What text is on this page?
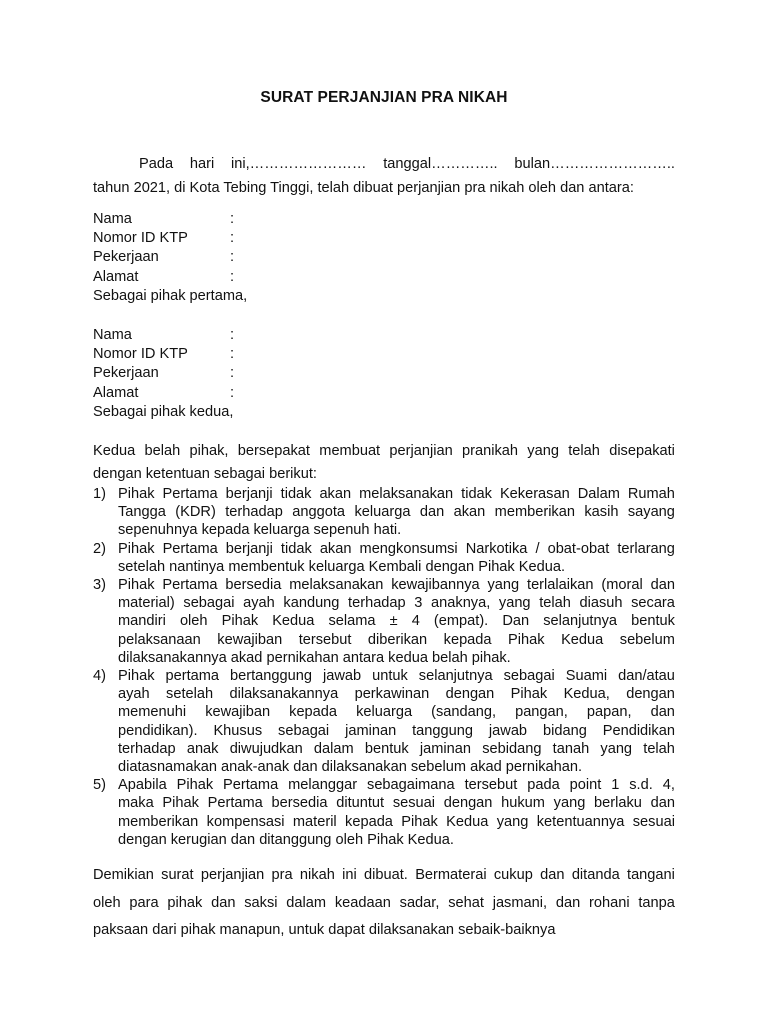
SURAT PERJANJIAN PRA NIKAH
Pada hari ini,…………………… tanggal………….. bulan……………………..
tahun 2021, di Kota Tebing Tinggi, telah dibuat perjanjian pra nikah oleh dan antara:
Nama	:
Nomor ID KTP	:
Pekerjaan	:
Alamat	:
Sebagai pihak pertama,
Nama	:
Nomor ID KTP	:
Pekerjaan	:
Alamat	:
Sebagai pihak kedua,
Kedua belah pihak, bersepakat membuat perjanjian pranikah yang telah disepakati
dengan ketentuan sebagai berikut:
1) Pihak Pertama berjanji tidak akan melaksanakan tidak Kekerasan Dalam Rumah
Tangga (KDR) terhadap anggota keluarga dan akan memberikan kasih sayang
sepenuhnya kepada keluarga sepenuh hati.
2) Pihak Pertama berjanji tidak akan mengkonsumsi Narkotika / obat-obat terlarang
setelah nantinya membentuk keluarga Kembali dengan Pihak Kedua.
3) Pihak Pertama bersedia melaksanakan kewajibannya yang terlalaikan (moral dan
material) sebagai ayah kandung terhadap 3 anaknya, yang telah diasuh secara
mandiri oleh Pihak Kedua selama ± 4 (empat). Dan selanjutnya bentuk
pelaksanaan kewajiban tersebut diberikan kepada Pihak Kedua sebelum
dilaksanakannya akad pernikahan antara kedua belah pihak.
4) Pihak pertama bertanggung jawab untuk selanjutnya sebagai Suami dan/atau
ayah setelah dilaksanakannya perkawinan dengan Pihak Kedua, dengan
memenuhi kewajiban kepada keluarga (sandang, pangan, papan, dan
pendidikan). Khusus sebagai jaminan tanggung jawab bidang Pendidikan
terhadap anak diwujudkan dalam bentuk jaminan sebidang tanah yang telah
diatasnamakan anak-anak dan dilaksanakan sebelum akad pernikahan.
5) Apabila Pihak Pertama melanggar sebagaimana tersebut pada point 1 s.d. 4,
maka Pihak Pertama bersedia dituntut sesuai dengan hukum yang berlaku dan
memberikan kompensasi materil kepada Pihak Kedua yang ketentuannya sesuai
dengan kerugian dan ditanggung oleh Pihak Kedua.
Demikian surat perjanjian pra nikah ini dibuat. Bermaterai cukup dan ditanda tangani
oleh para pihak dan saksi dalam keadaan sadar, sehat jasmani, dan rohani tanpa
paksaan dari pihak manapun, untuk dapat dilaksanakan sebaik-baiknya
